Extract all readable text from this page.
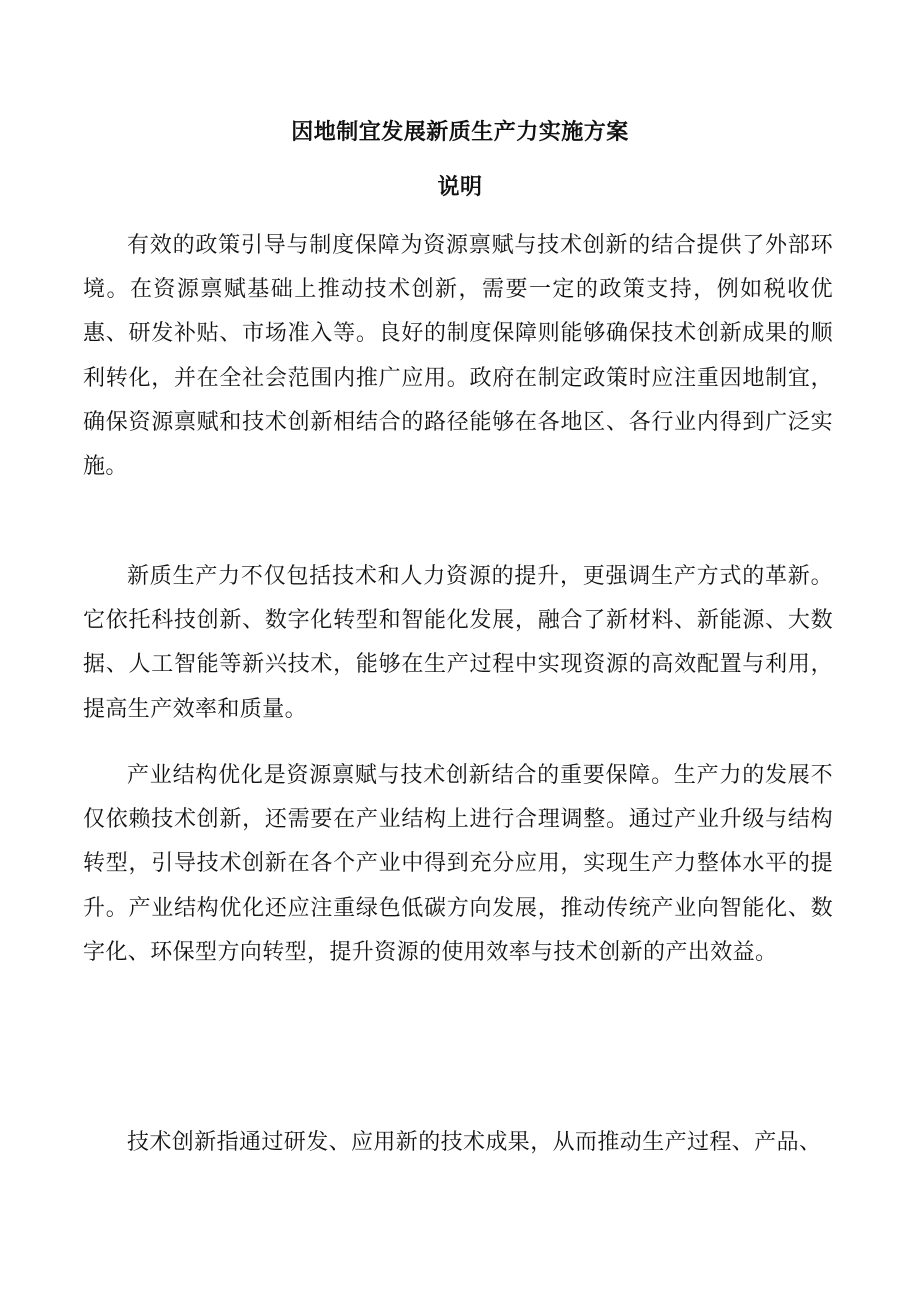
因地制宜发展新质生产力实施方案
说明

有效的政策引导与制度保障为资源禀赋与技术创新的结合提供了外部环境。在资源禀赋基础上推动技术创新，需要一定的政策支持，例如税收优惠、研发补贴、市场准入等。良好的制度保障则能够确保技术创新成果的顺利转化，并在全社会范围内推广应用。政府在制定政策时应注重因地制宜，确保资源禀赋和技术创新相结合的路径能够在各地区、各行业内得到广泛实施。

新质生产力不仅包括技术和人力资源的提升，更强调生产方式的革新。它依托科技创新、数字化转型和智能化发展，融合了新材料、新能源、大数据、人工智能等新兴技术，能够在生产过程中实现资源的高效配置与利用，提高生产效率和质量。

产业结构优化是资源禀赋与技术创新结合的重要保障。生产力的发展不仅依赖技术创新，还需要在产业结构上进行合理调整。通过产业升级与结构转型，引导技术创新在各个产业中得到充分应用，实现生产力整体水平的提升。产业结构优化还应注重绿色低碳方向发展，推动传统产业向智能化、数字化、环保型方向转型，提升资源的使用效率与技术创新的产出效益。

技术创新指通过研发、应用新的技术成果，从而推动生产过程、产品、
